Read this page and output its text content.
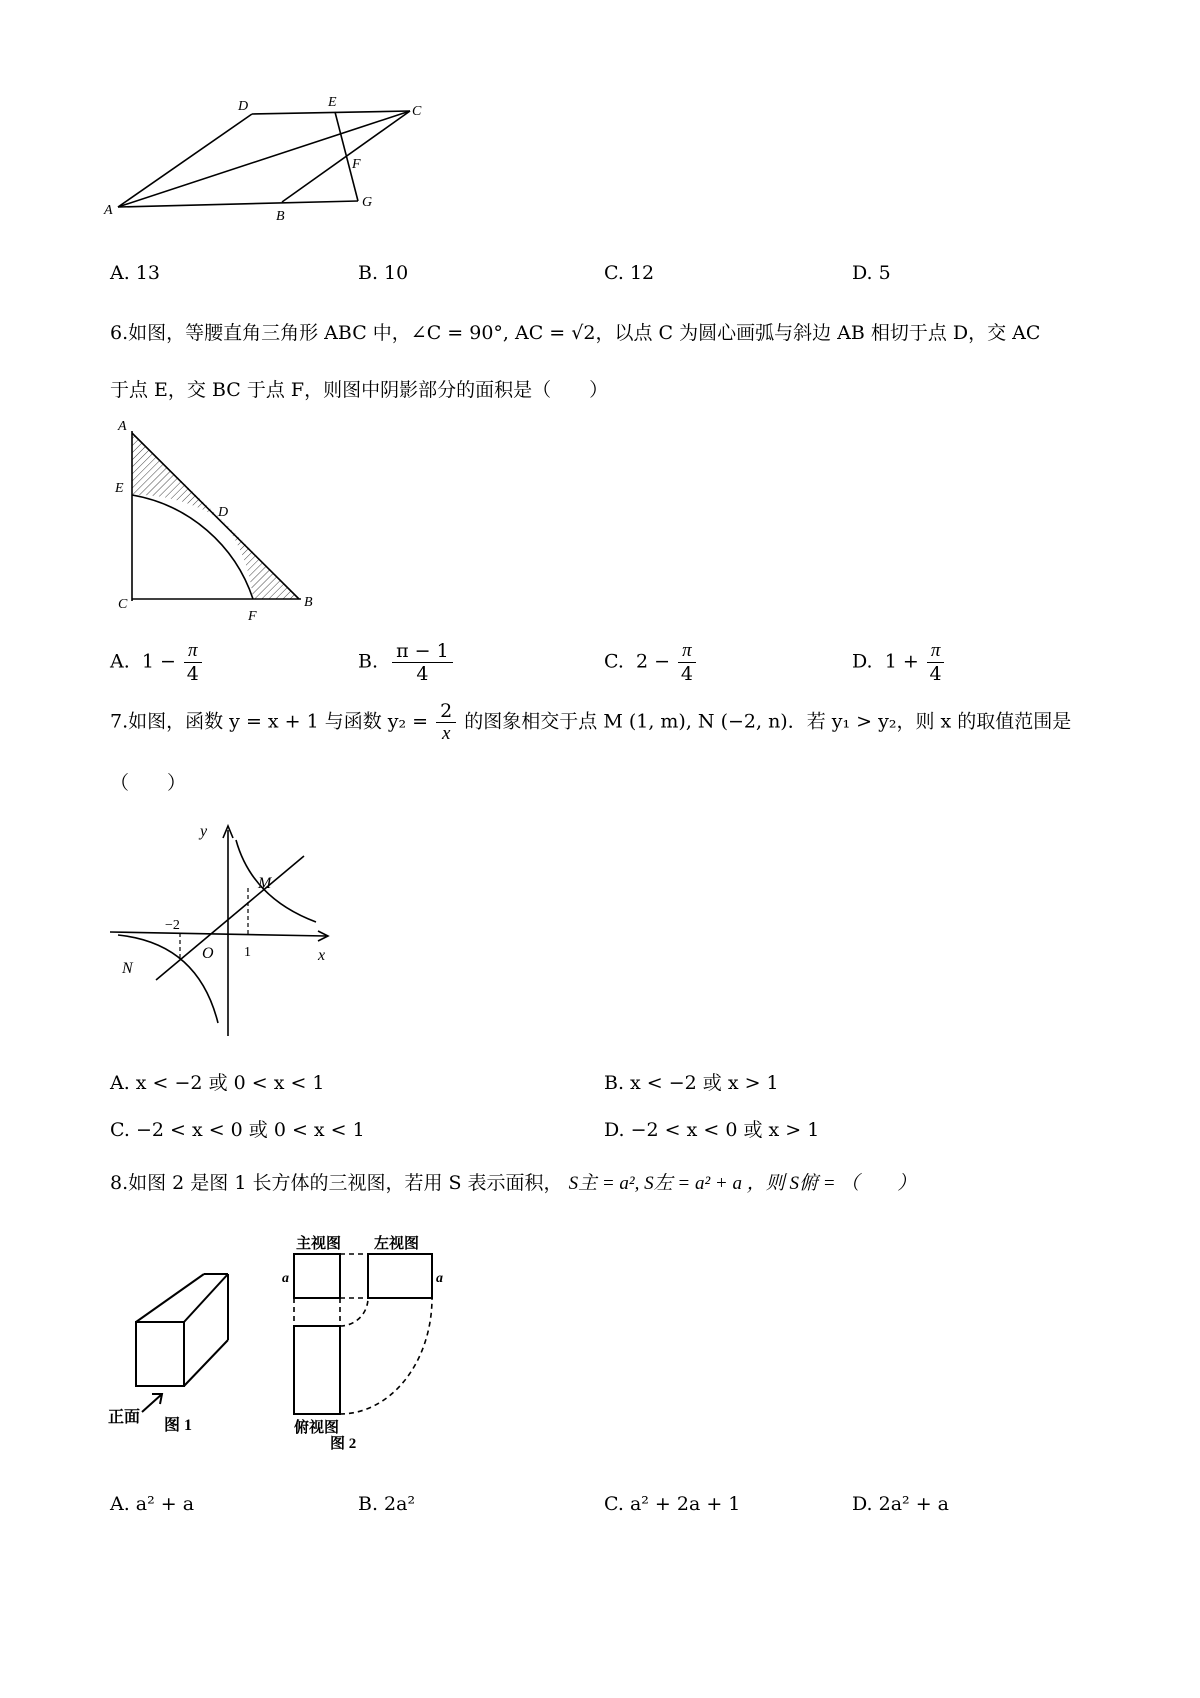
A	B
C
D	E
F
G
A. 13	B. 10	C. 12	D. 5
6.如图，等腰直角三角形 ABC 中，∠C = 90°, AC = √2，以点 C 为圆心画弧与斜边 AB 相切于点 D，交 AC
于点 E，交 BC 于点 F，则图中阴影部分的面积是（　　）
A
E
D
C
F
B
A. $1 - \frac{\pi}{4}$	B. $\frac{\pi - 1}{4}$	C. $2 - \frac{\pi}{4}$	D. $1 + \frac{\pi}{4}$
7.如图，函数 y = x + 1 与函数 $y_2 = \frac{2}{x}$ 的图象相交于点 M (1, m), N (−2, n)．若 y₁ > y₂，则 x 的取值范围是
（　　）
y
x
O
M
N
−2
1
A. x < −2 或 0 < x < 1	B. x < −2 或 x > 1
C. −2 < x < 0 或 0 < x < 1	D. −2 < x < 0 或 x > 1
8.如图 2 是图 1 长方体的三视图，若用 S 表示面积， S主 = a², S左 = a² + a ，则 S俯 = （　　）
正面 图 1
主视图 左视图
a	a
俯视图
图 2
A. a² + a	B. 2a²	C. a² + 2a + 1	D. 2a² + a
